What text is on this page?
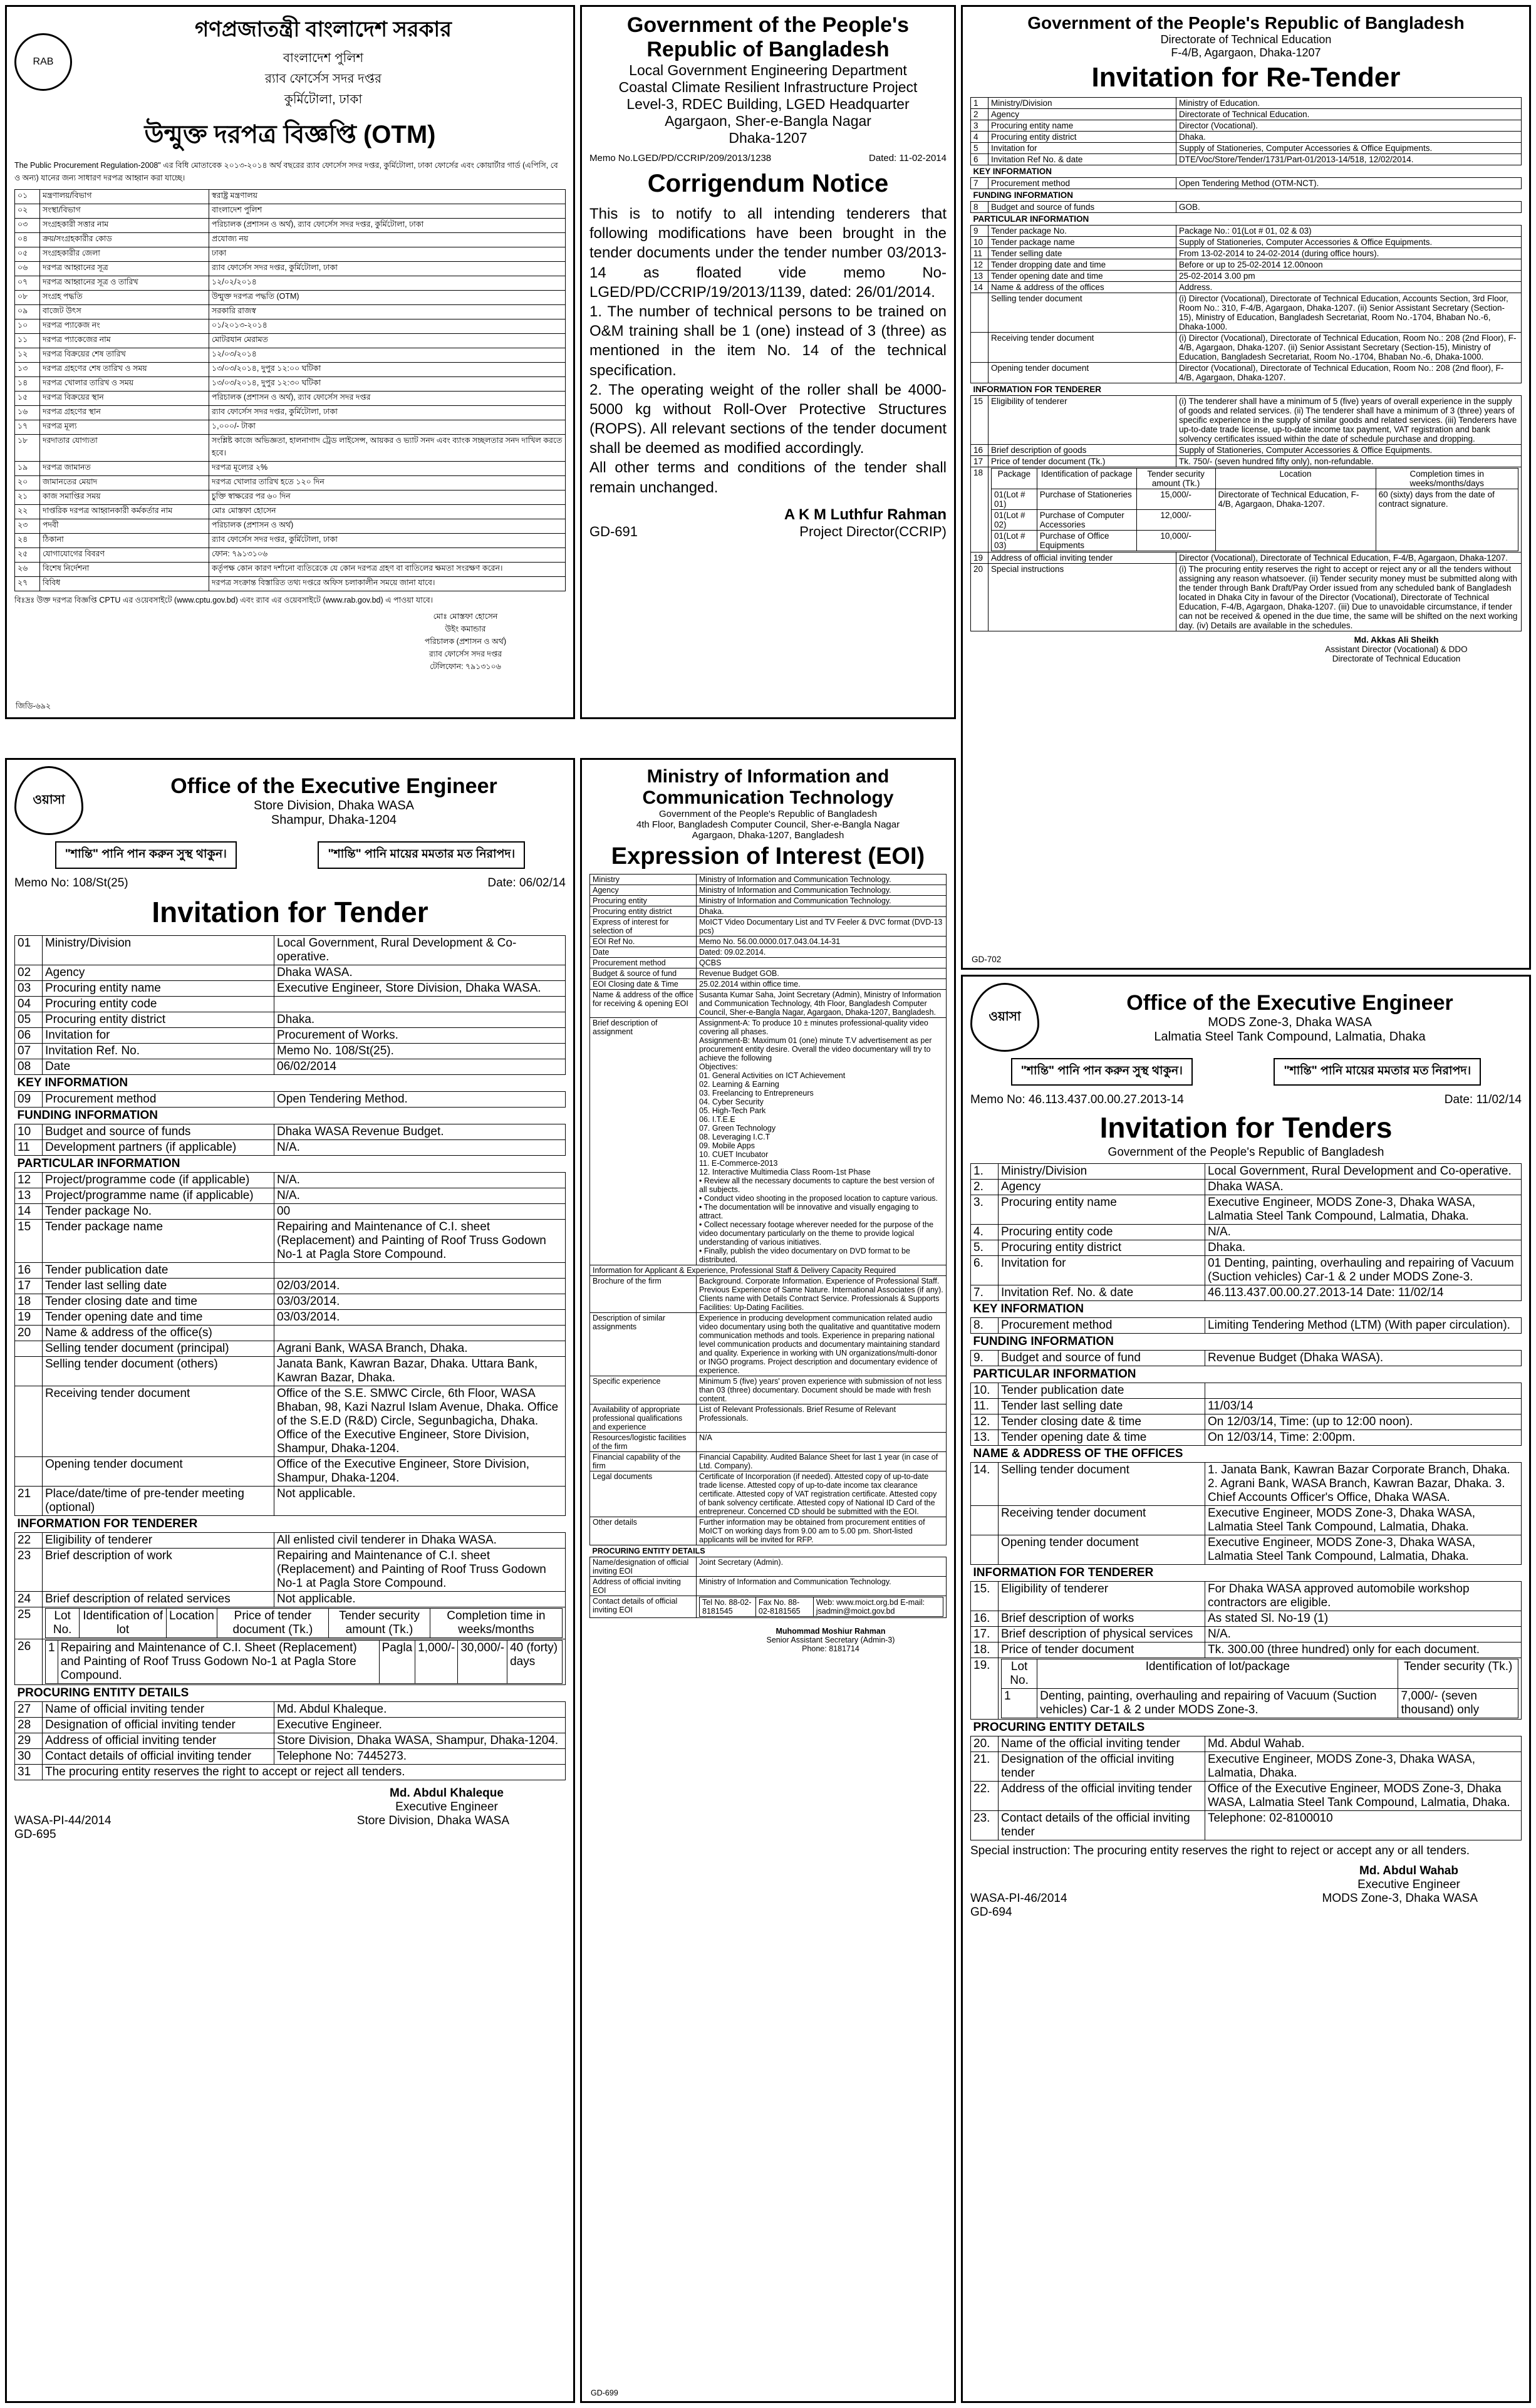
RAB
গণপ্রজাতন্ত্রী বাংলাদেশ সরকার
বাংলাদেশ পুলিশ
র‌্যাব ফোর্সেস সদর দপ্তর
কুর্মিটোলা, ঢাকা
উন্মুক্ত দরপত্র বিজ্ঞপ্তি (OTM)
The Public Procurement Regulation-2008" এর বিধি মোতাবেক ২০১৩-২০১৪ অর্থ বছরের র‌্যাব ফোর্সেস সদর দপ্তর, কুর্মিটোলা, ঢাকা ফোর্সের এবং কোয়ার্টার গার্ড (এপিসি, বে ও অন্য) যানের জন্য সাধারণ দরপত্র আহ্বান করা যাচ্ছে।
০১	মন্ত্রণালয়/বিভাগ	স্বরাষ্ট্র মন্ত্রণালয়
০২	সংস্থা/বিভাগ	বাংলাদেশ পুলিশ
০৩	সংগ্রহকারী সত্তার নাম	পরিচালক (প্রশাসন ও অর্থ), র‌্যাব ফোর্সেস সদর দপ্তর, কুর্মিটোলা, ঢাকা
০৪	ক্রয়/সংগ্রহকারীর কোড	প্রযোজ্য নয়
০৫	সংগ্রহকারীর জেলা	ঢাকা
০৬	দরপত্র আহ্বানের সূত্র	র‌্যাব ফোর্সেস সদর দপ্তর, কুর্মিটোলা, ঢাকা
০৭	দরপত্র আহ্বানের সূত্র ও তারিখ	১২/০২/২০১৪
০৮	সংগ্রহ পদ্ধতি	উন্মুক্ত দরপত্র পদ্ধতি (OTM)
০৯	বাজেট উৎস	সরকারি রাজস্ব
১০	দরপত্র প্যাকেজ নং	০১/২০১৩-২০১৪
১১	দরপত্র প্যাকেজের নাম	মোটরযান মেরামত
১২	দরপত্র বিক্রয়ের শেষ তারিখ	১২/০৩/২০১৪
১৩	দরপত্র গ্রহণের শেষ তারিখ ও সময়	১৩/০৩/২০১৪, দুপুর ১২:০০ ঘটিকা
১৪	দরপত্র খোলার তারিখ ও সময়	১৩/০৩/২০১৪, দুপুর ১২:৩০ ঘটিকা
১৫	দরপত্র বিক্রয়ের স্থান	পরিচালক (প্রশাসন ও অর্থ), র‌্যাব ফোর্সেস সদর দপ্তর
১৬	দরপত্র গ্রহণের স্থান	র‌্যাব ফোর্সেস সদর দপ্তর, কুর্মিটোলা, ঢাকা
১৭	দরপত্র মূল্য	১,০০০/- টাকা
১৮	দরদাতার যোগ্যতা	সংশ্লিষ্ট কাজে অভিজ্ঞতা, হালনাগাদ ট্রেড লাইসেন্স, আয়কর ও ভ্যাট সনদ এবং ব্যাংক সচ্ছলতার সনদ দাখিল করতে হবে।
১৯	দরপত্র জামানত	দরপত্র মূল্যের ২%
২০	জামানতের মেয়াদ	দরপত্র খোলার তারিখ হতে ১২০ দিন
২১	কাজ সমাপ্তির সময়	চুক্তি স্বাক্ষরের পর ৬০ দিন
২২	দাপ্তরিক দরপত্র আহ্বানকারী কর্মকর্তার নাম	মোঃ মোস্তফা হোসেন
২৩	পদবী	পরিচালক (প্রশাসন ও অর্থ)
২৪	ঠিকানা	র‌্যাব ফোর্সেস সদর দপ্তর, কুর্মিটোলা, ঢাকা
২৫	যোগাযোগের বিবরণ	ফোন: ৭৯১৩১০৬
২৬	বিশেষ নির্দেশনা	কর্তৃপক্ষ কোন কারণ দর্শানো ব্যতিরেকে যে কোন দরপত্র গ্রহণ বা বাতিলের ক্ষমতা সংরক্ষণ করেন।
২৭	বিবিধ	দরপত্র সংক্রান্ত বিস্তারিত তথ্য দপ্তরে অফিস চলাকালীন সময়ে জানা যাবে।
বিঃদ্রঃ উক্ত দরপত্র বিজ্ঞপ্তি CPTU এর ওয়েবসাইটে (www.cptu.gov.bd) এবং র‌্যাব এর ওয়েবসাইটে (www.rab.gov.bd) এ পাওয়া যাবে।
মোঃ মোস্তফা হোসেন
উইং কমান্ডার
পরিচালক (প্রশাসন ও অর্থ)
র‌্যাব ফোর্সেস সদর দপ্তর
টেলিফোন: ৭৯১৩১০৬
জিডি-৬৯২
Government of the People's
Republic of Bangladesh
Local Government Engineering Department
Coastal Climate Resilient Infrastructure Project
Level-3, RDEC Building, LGED Headquarter
Agargaon, Sher-e-Bangla Nagar
Dhaka-1207
Memo No.LGED/PD/CCRIP/209/2013/1238	Dated: 11-02-2014
Corrigendum Notice

This is to notify to all intending tenderers that following modifications have been brought in the tender documents under the tender number 03/2013-14 as floated vide memo No-LGED/PD/CCRIP/19/2013/1139, dated: 26/01/2014.

1. The number of technical persons to be trained on O&M training shall be 1 (one) instead of 3 (three) as mentioned in the item No. 14 of the technical specification.

2. The operating weight of the roller shall be 4000-5000 kg without Roll-Over Protective Structures (ROPS). All relevant sections of the tender document shall be deemed as modified accordingly.

All other terms and conditions of the tender shall remain unchanged.

A K M Luthfur Rahman
GD-691	Project Director(CCRIP)
Government of the People's Republic of Bangladesh
Directorate of Technical Education
F-4/B, Agargaon, Dhaka-1207
Invitation for Re-Tender
1	Ministry/Division	Ministry of Education.
2	Agency	Directorate of Technical Education.
3	Procuring entity name	Director (Vocational).
4	Procuring entity district	Dhaka.
5	Invitation for	Supply of Stationeries, Computer Accessories & Office Equipments.
6	Invitation Ref No. & date	DTE/Voc/Store/Tender/1731/Part-01/2013-14/518, 12/02/2014.
KEY INFORMATION
7	Procurement method	Open Tendering Method (OTM-NCT).
FUNDING INFORMATION
8	Budget and source of funds	GOB.
PARTICULAR INFORMATION
9	Tender package No.	Package No.: 01(Lot # 01, 02 & 03)
10	Tender package name	Supply of Stationeries, Computer Accessories & Office Equipments.
11	Tender selling date	From 13-02-2014 to 24-02-2014 (during office hours).
12	Tender dropping date and time	Before or up to 25-02-2014 12.00noon
13	Tender opening date and time	25-02-2014 3.00 pm
14	Name & address of the offices	Address.
	Selling tender document	(i) Director (Vocational), Directorate of Technical Education, Accounts Section, 3rd Floor, Room No.: 310, F-4/B, Agargaon, Dhaka-1207. (ii) Senior Assistant Secretary (Section-15), Ministry of Education, Bangladesh Secretariat, Room No.-1704, Bhaban No.-6, Dhaka-1000.
	Receiving tender document	(i) Director (Vocational), Directorate of Technical Education, Room No.: 208 (2nd Floor), F-4/B, Agargaon, Dhaka-1207. (ii) Senior Assistant Secretary (Section-15), Ministry of Education, Bangladesh Secretariat, Room No.-1704, Bhaban No.-6, Dhaka-1000.
	Opening tender document	Director (Vocational), Directorate of Technical Education, Room No.: 208 (2nd floor), F-4/B, Agargaon, Dhaka-1207.
INFORMATION FOR TENDERER
15	Eligibility of tenderer	(i) The tenderer shall have a minimum of 5 (five) years of overall experience in the supply of goods and related services. (ii) The tenderer shall have a minimum of 3 (three) years of specific experience in the supply of similar goods and related services. (iii) Tenderers have up-to-date trade license, up-to-date income tax payment, VAT registration and bank solvency certificates issued within the date of schedule purchase and dropping.
16	Brief description of goods	Supply of Stationeries, Computer Accessories & Office Equipments.
17	Price of tender document (Tk.)	Tk. 750/- (seven hundred fifty only), non-refundable.
18	Package	Identification of package	Tender security amount (Tk.)	Location	Completion times in weeks/months/days
01(Lot # 01)	Purchase of Stationeries	15,000/-	Directorate of Technical Education, F-4/B, Agargaon, Dhaka-1207.	60 (sixty) days from the date of contract signature.
01(Lot # 02)	Purchase of Computer Accessories	12,000/-
01(Lot # 03)	Purchase of Office Equipments	10,000/-

19	Address of official inviting tender	Director (Vocational), Directorate of Technical Education, F-4/B, Agargaon, Dhaka-1207.
20	Special instructions	(i) The procuring entity reserves the right to accept or reject any or all the tenders without assigning any reason whatsoever. (ii) Tender security money must be submitted along with the tender through Bank Draft/Pay Order issued from any scheduled bank of Bangladesh located in Dhaka City in favour of the Director (Vocational), Directorate of Technical Education, F-4/B, Agargaon, Dhaka-1207. (iii) Due to unavoidable circumstance, if tender can not be received & opened in the due time, the same will be shifted on the next working day. (iv) Details are available in the schedules.
Md. Akkas Ali Sheikh
Assistant Director (Vocational) & DDO
Directorate of Technical Education
GD-702
Ministry of Information and
Communication Technology
Government of the People's Republic of Bangladesh
4th Floor, Bangladesh Computer Council, Sher-e-Bangla Nagar
Agargaon, Dhaka-1207, Bangladesh
Expression of Interest (EOI)
Ministry	Ministry of Information and Communication Technology.
Agency	Ministry of Information and Communication Technology.
Procuring entity	Ministry of Information and Communication Technology.
Procuring entity district	Dhaka.
Express of interest for selection of	MoICT Video Documentary List and TV Feeler & DVC format (DVD-13 pcs)
EOI Ref No.	Memo No. 56.00.0000.017.043.04.14-31
Date	Dated: 09.02.2014.
Procurement method	QCBS
Budget & source of fund	Revenue Budget GOB.
EOI Closing date & Time	25.02.2014 within office time.
Name & address of the office for receiving & opening EOI	Susanta Kumar Saha, Joint Secretary (Admin), Ministry of Information and Communication Technology, 4th Floor, Bangladesh Computer Council, Sher-e-Bangla Nagar, Agargaon, Dhaka-1207, Bangladesh.
Brief description of assignment	
Assignment-A: To produce 10 ± minutes professional-quality video covering all phases.
Assignment-B: Maximum 01 (one) minute T.V advertisement as per procurement entity desire. Overall the video documentary will try to achieve the following
Objectives:
01. General Activities on ICT Achievement
02. Learning & Earning
03. Freelancing to Entrepreneurs
04. Cyber Security
05. High-Tech Park
06. I.T.E.E
07. Green Technology
08. Leveraging I.C.T
09. Mobile Apps
10. CUET Incubator
11. E-Commerce-2013
12. Interactive Multimedia Class Room-1st Phase
• Review all the necessary documents to capture the best version of all subjects.
• Conduct video shooting in the proposed location to capture various.
• The documentation will be innovative and visually engaging to attract.
• Collect necessary footage wherever needed for the purpose of the video documentary particularly on the theme to provide logical understanding of various initiatives.
• Finally, publish the video documentary on DVD format to be distributed.

Information for Applicant & Experience, Professional Staff & Delivery Capacity Required
Brochure of the firm	Background. Corporate Information. Experience of Professional Staff. Previous Experience of Same Nature. International Associates (if any). Clients name with Details Contract Service. Professionals & Supports Facilities: Up-Dating Facilities.
Description of similar assignments	Experience in producing development communication related audio video documentary using both the qualitative and quantitative modern communication methods and tools. Experience in preparing national level communication products and documentary maintaining standard and quality. Experience in working with UN organizations/multi-donor or INGO programs. Project description and documentary evidence of experience.
Specific experience	Minimum 5 (five) years' proven experience with submission of not less than 03 (three) documentary. Document should be made with fresh content.
Availability of appropriate professional qualifications and experience	List of Relevant Professionals. Brief Resume of Relevant Professionals.
Resources/logistic facilities of the firm	N/A
Financial capability of the firm	Financial Capability. Audited Balance Sheet for last 1 year (in case of Ltd. Company).
Legal documents	Certificate of Incorporation (if needed). Attested copy of up-to-date trade license. Attested copy of up-to-date income tax clearance certificate. Attested copy of VAT registration certificate. Attested copy of bank solvency certificate. Attested copy of National ID Card of the entrepreneur. Concerned CD should be submitted with the EOI.
Other details	Further information may be obtained from procurement entities of MoICT on working days from 9.00 am to 5.00 pm. Short-listed applicants will be invited for RFP.
PROCURING ENTITY DETAILS
Name/designation of official inviting EOI	Joint Secretary (Admin).
Address of official inviting EOI	Ministry of Information and Communication Technology.
Contact details of official inviting EOI	
Tel No. 88-02-8181545	Fax No. 88-02-8181565	Web: www.moict.org.bd E-mail: jsadmin@moict.gov.bd
Muhommad Moshiur Rahman
Senior Assistant Secretary (Admin-3)
Phone: 8181714
GD-699
ওয়াসা
Office of the Executive Engineer
Store Division, Dhaka WASA
Shampur, Dhaka-1204
"শান্তি" পানি পান করুন সুস্থ থাকুন।	"শান্তি" পানি মায়ের মমতার মত নিরাপদ।
Memo No: 108/St(25)	Date: 06/02/14
Invitation for Tender
01	Ministry/Division	Local Government, Rural Development & Co-operative.
02	Agency	Dhaka WASA.
03	Procuring entity name	Executive Engineer, Store Division, Dhaka WASA.
04	Procuring entity code	
05	Procuring entity district	Dhaka.
06	Invitation for	Procurement of Works.
07	Invitation Ref. No.	Memo No. 108/St(25).
08	Date	06/02/2014
KEY INFORMATION
09	Procurement method	Open Tendering Method.
FUNDING INFORMATION
10	Budget and source of funds	Dhaka WASA Revenue Budget.
11	Development partners (if applicable)	N/A.
PARTICULAR INFORMATION
12	Project/programme code (if applicable)	N/A.
13	Project/programme name (if applicable)	N/A.
14	Tender package No.	00
15	Tender package name	Repairing and Maintenance of C.I. sheet (Replacement) and Painting of Roof Truss Godown No-1 at Pagla Store Compound.
16	Tender publication date	
17	Tender last selling date	02/03/2014.
18	Tender closing date and time	03/03/2014.
19	Tender opening date and time	03/03/2014.
20	Name & address of the office(s)	
	Selling tender document (principal)	Agrani Bank, WASA Branch, Dhaka.
	Selling tender document (others)	Janata Bank, Kawran Bazar, Dhaka. Uttara Bank, Kawran Bazar, Dhaka.
	Receiving tender document	Office of the S.E. SMWC Circle, 6th Floor, WASA Bhaban, 98, Kazi Nazrul Islam Avenue, Dhaka. Office of the S.E.D (R&D) Circle, Segunbagicha, Dhaka. Office of the Executive Engineer, Store Division, Shampur, Dhaka-1204.
	Opening tender document	Office of the Executive Engineer, Store Division, Shampur, Dhaka-1204.
21	Place/date/time of pre-tender meeting (optional)	Not applicable.
INFORMATION FOR TENDERER
22	Eligibility of tenderer	All enlisted civil tenderer in Dhaka WASA.
23	Brief description of work	Repairing and Maintenance of C.I. sheet (Replacement) and Painting of Roof Truss Godown No-1 at Pagla Store Compound.
24	Brief description of related services	Not applicable.
25	Lot No.	Identification of lot	Location	Price of tender document (Tk.)	Tender security amount (Tk.)	Completion time in weeks/months

26	1	Repairing and Maintenance of C.I. Sheet (Replacement) and Painting of Roof Truss Godown No-1 at Pagla Store Compound.	Pagla	1,000/-	30,000/-	40 (forty) days

PROCURING ENTITY DETAILS
27	Name of official inviting tender	Md. Abdul Khaleque.
28	Designation of official inviting tender	Executive Engineer.
29	Address of official inviting tender	Store Division, Dhaka WASA, Shampur, Dhaka-1204.
30	Contact details of official inviting tender	Telephone No: 7445273.
31	The procuring entity reserves the right to accept or reject all tenders.
Md. Abdul Khaleque
Executive Engineer
WASA-PI-44/2014	Store Division, Dhaka WASA
GD-695
ওয়াসা
Office of the Executive Engineer
MODS Zone-3, Dhaka WASA
Lalmatia Steel Tank Compound, Lalmatia, Dhaka
"শান্তি" পানি পান করুন সুস্থ থাকুন।	"শান্তি" পানি মায়ের মমতার মত নিরাপদ।
Memo No: 46.113.437.00.00.27.2013-14	Date: 11/02/14
Invitation for Tenders
Government of the People's Republic of Bangladesh
1.	Ministry/Division	Local Government, Rural Development and Co-operative.
2.	Agency	Dhaka WASA.
3.	Procuring entity name	Executive Engineer, MODS Zone-3, Dhaka WASA, Lalmatia Steel Tank Compound, Lalmatia, Dhaka.
4.	Procuring entity code	N/A.
5.	Procuring entity district	Dhaka.
6.	Invitation for	01 Denting, painting, overhauling and repairing of Vacuum (Suction vehicles) Car-1 & 2 under MODS Zone-3.
7.	Invitation Ref. No. & date	46.113.437.00.00.27.2013-14 Date: 11/02/14
KEY INFORMATION
8.	Procurement method	Limiting Tendering Method (LTM) (With paper circulation).
FUNDING INFORMATION
9.	Budget and source of fund	Revenue Budget (Dhaka WASA).
PARTICULAR INFORMATION
10.	Tender publication date	
11.	Tender last selling date	11/03/14
12.	Tender closing date & time	On 12/03/14, Time: (up to 12:00 noon).
13.	Tender opening date & time	On 12/03/14, Time: 2:00pm.
NAME & ADDRESS OF THE OFFICES
14.	Selling tender document	1. Janata Bank, Kawran Bazar Corporate Branch, Dhaka. 2. Agrani Bank, WASA Branch, Kawran Bazar, Dhaka. 3. Chief Accounts Officer's Office, Dhaka WASA.
	Receiving tender document	Executive Engineer, MODS Zone-3, Dhaka WASA, Lalmatia Steel Tank Compound, Lalmatia, Dhaka.
	Opening tender document	Executive Engineer, MODS Zone-3, Dhaka WASA, Lalmatia Steel Tank Compound, Lalmatia, Dhaka.
INFORMATION FOR TENDERER
15.	Eligibility of tenderer	For Dhaka WASA approved automobile workshop contractors are eligible.
16.	Brief description of works	As stated Sl. No-19 (1)
17.	Brief description of physical services	N/A.
18.	Price of tender document	Tk. 300.00 (three hundred) only for each document.
19.	Lot No.	Identification of lot/package	Tender security (Tk.)
1	Denting, painting, overhauling and repairing of Vacuum (Suction vehicles) Car-1 & 2 under MODS Zone-3.	7,000/- (seven thousand) only

PROCURING ENTITY DETAILS
20.	Name of the official inviting tender	Md. Abdul Wahab.
21.	Designation of the official inviting tender	Executive Engineer, MODS Zone-3, Dhaka WASA, Lalmatia, Dhaka.
22.	Address of the official inviting tender	Office of the Executive Engineer, MODS Zone-3, Dhaka WASA, Lalmatia Steel Tank Compound, Lalmatia, Dhaka.
23.	Contact details of the official inviting tender	Telephone: 02-8100010
Special instruction: The procuring entity reserves the right to reject or accept any or all tenders.
Md. Abdul Wahab
Executive Engineer
WASA-PI-46/2014	MODS Zone-3, Dhaka WASA
GD-694
